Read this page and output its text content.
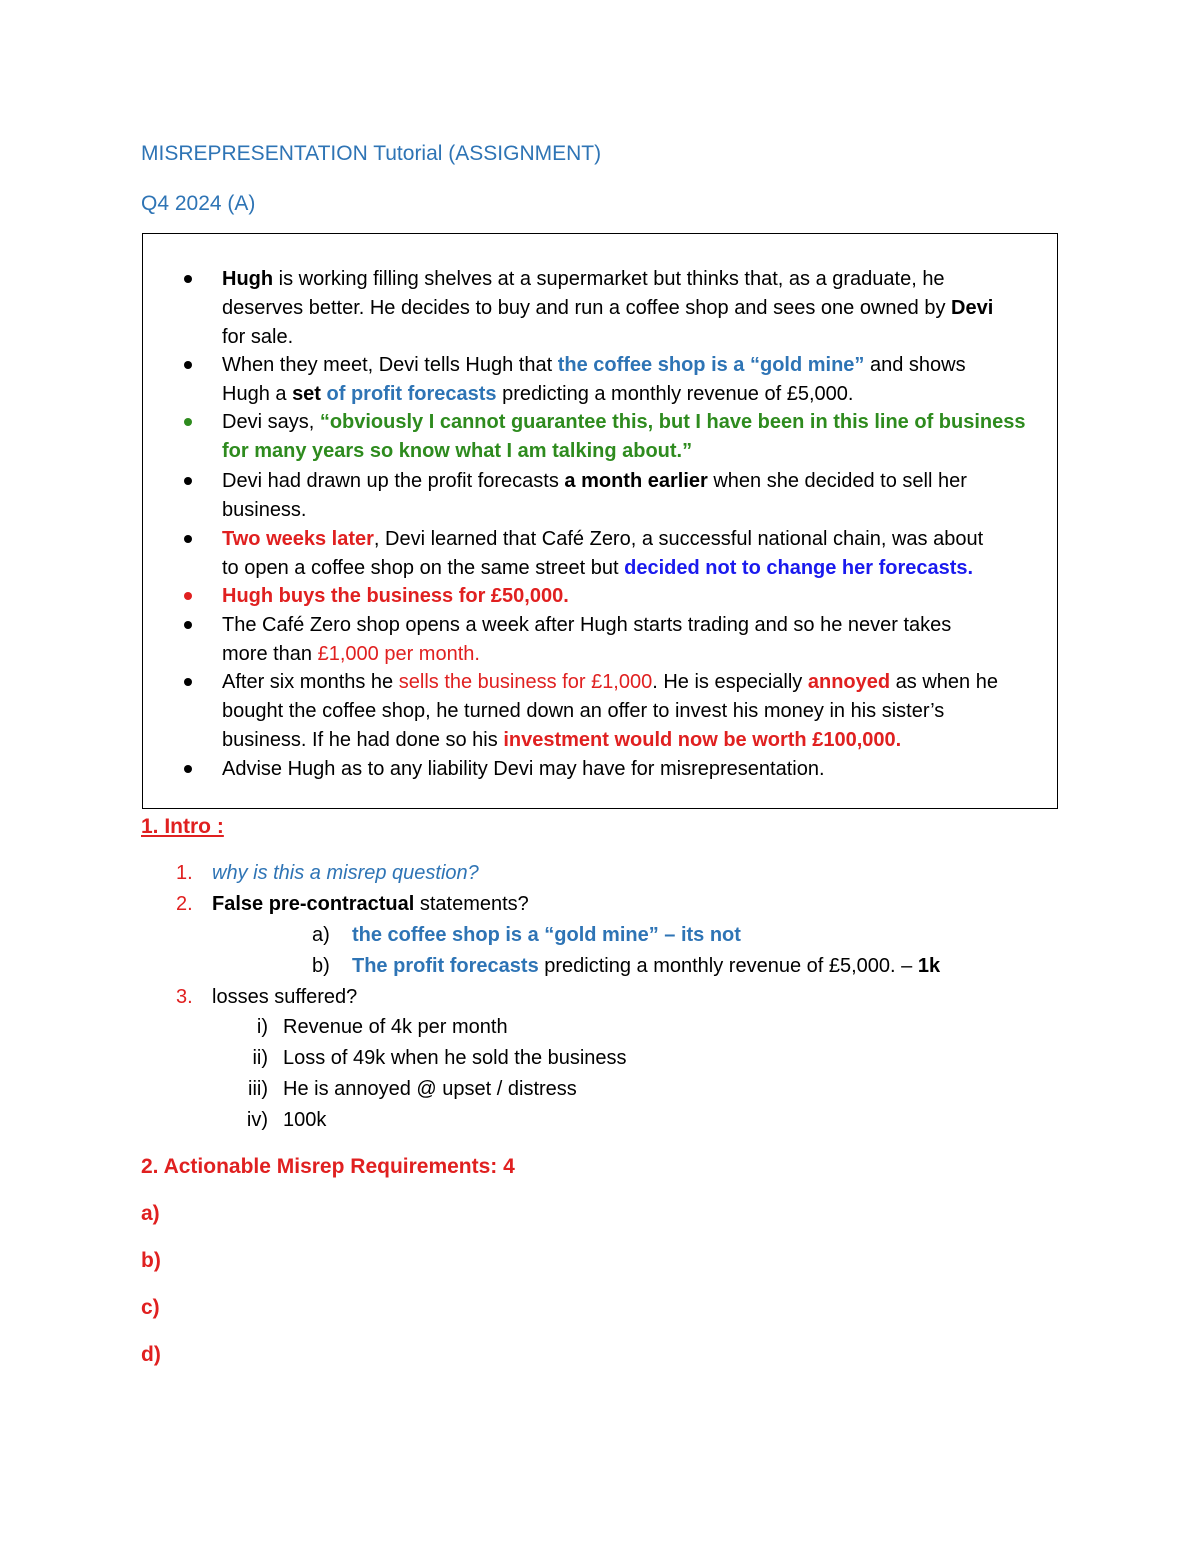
MISREPRESENTATION Tutorial (ASSIGNMENT)
Q4 2024 (A)
Hugh is working filling shelves at a supermarket but thinks that, as a graduate, he
deserves better. He decides to buy and run a coffee shop and sees one owned by Devi
for sale.
When they meet, Devi tells Hugh that the coffee shop is a “gold mine” and shows
Hugh a set of profit forecasts predicting a monthly revenue of £5,000.
Devi says, “obviously I cannot guarantee this, but I have been in this line of business
for many years so know what I am talking about.”
Devi had drawn up the profit forecasts a month earlier when she decided to sell her
business.
Two weeks later, Devi learned that Café Zero, a successful national chain, was about
to open a coffee shop on the same street but decided not to change her forecasts.
Hugh buys the business for £50,000.
The Café Zero shop opens a week after Hugh starts trading and so he never takes
more than £1,000 per month.
After six months he sells the business for £1,000. He is especially annoyed as when he
bought the coffee shop, he turned down an offer to invest his money in his sister’s
business. If he had done so his investment would now be worth £100,000.
Advise Hugh as to any liability Devi may have for misrepresentation.
1. Intro :
1. why is this a misrep question?
2. False pre-contractual statements?
a) the coffee shop is a “gold mine” – its not
b) The profit forecasts predicting a monthly revenue of £5,000. – 1k
3. losses suffered?
i) Revenue of 4k per month
ii) Loss of 49k when he sold the business
iii) He is annoyed @ upset / distress
iv) 100k
2. Actionable Misrep Requirements: 4
a)
b)
c)
d)
